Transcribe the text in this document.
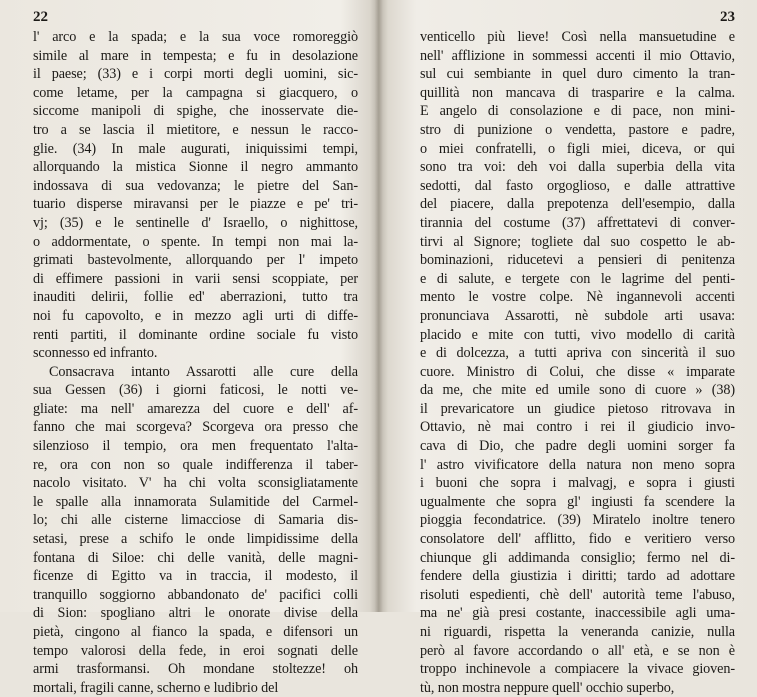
22
l' arco e la spada; e la sua voce romoreggiò
simile al mare in tempesta; e fu in desolazione
il paese; (33) e i corpi morti degli uomini, sic-
come letame, per la campagna si giacquero, o
siccome manipoli di spighe, che inosservate die-
tro a se lascia il mietitore, e nessun le racco-
glie. (34) In male augurati, iniquissimi tempi,
allorquando la mistica Sionne il negro ammanto
indossava di sua vedovanza; le pietre del San-
tuario disperse miravansi per le piazze e pe' tri-
vj; (35) e le sentinelle d' Israello, o nighittose,
o addormentate, o spente. In tempi non mai la-
grimati bastevolmente, allorquando per l' impeto
di effimere passioni in varii sensi scoppiate, per
inauditi delirii, follie ed' aberrazioni, tutto tra
noi fu capovolto, e in mezzo agli urti di diffe-
renti partiti, il dominante ordine sociale fu visto
sconnesso ed infranto.
Consacrava intanto Assarotti alle cure della
sua Gessen (36) i giorni faticosi, le notti ve-
gliate: ma nell' amarezza del cuore e dell' af-
fanno che mai scorgeva? Scorgeva ora presso che
silenzioso il tempio, ora men frequentato l'alta-
re, ora con non so quale indifferenza il taber-
nacolo visitato. V' ha chi volta sconsigliatamente
le spalle alla innamorata Sulamitide del Carmel-
lo; chi alle cisterne limacciose di Samaria dis-
setasi, prese a schifo le onde limpidissime della
fontana di Siloe: chi delle vanità, delle magni-
ficenze di Egitto va in traccia, il modesto, il
tranquillo soggiorno abbandonato de' pacifici colli
di Sion: spogliano altri le onorate divise della
pietà, cingono al fianco la spada, e difensori un
tempo valorosi della fede, in eroi sognati delle
armi trasformansi. Oh mondane stoltezze! oh
mortali, fragili canne, scherno e ludibrio del
23
venticello più lieve! Così nella mansuetudine e
nell' afflizione in sommessi accenti il mio Ottavio,
sul cui sembiante in quel duro cimento la tran-
quillità non mancava di trasparire e la calma.
E angelo di consolazione e di pace, non mini-
stro di punizione o vendetta, pastore e padre,
o miei confratelli, o figli miei, diceva, or qui
sono tra voi: deh voi dalla superbia della vita
sedotti, dal fasto orgoglioso, e dalle attrattive
del piacere, dalla prepotenza dell'esempio, dalla
tirannia del costume (37) affrettatevi di conver-
tirvi al Signore; togliete dal suo cospetto le ab-
bominazioni, riducetevi a pensieri di penitenza
e di salute, e tergete con le lagrime del penti-
mento le vostre colpe. Nè ingannevoli accenti
pronunciava Assarotti, nè subdole arti usava:
placido e mite con tutti, vivo modello di carità
e di dolcezza, a tutti apriva con sincerità il suo
cuore. Ministro di Colui, che disse « imparate
da me, che mite ed umile sono di cuore » (38)
il prevaricatore un giudice pietoso ritrovava in
Ottavio, nè mai contro i rei il giudicio invo-
cava di Dio, che padre degli uomini sorger fa
l' astro vivificatore della natura non meno sopra
i buoni che sopra i malvagj, e sopra i giusti
ugualmente che sopra gl' ingiusti fa scendere la
pioggia fecondatrice. (39) Miratelo inoltre tenero
consolatore dell' afflitto, fido e veritiero verso
chiunque gli addimanda consiglio; fermo nel di-
fendere della giustizia i diritti; tardo ad adottare
risoluti espedienti, chè dell' autorità teme l'abuso,
ma ne' già presi costante, inaccessibile agli uma-
ni riguardi, rispetta la veneranda canizie, nulla
però al favore accordando o all' età, e se non è
troppo inchinevole a compiacere la vivace gioven-
tù, non mostra neppure quell' occhio superbo,
